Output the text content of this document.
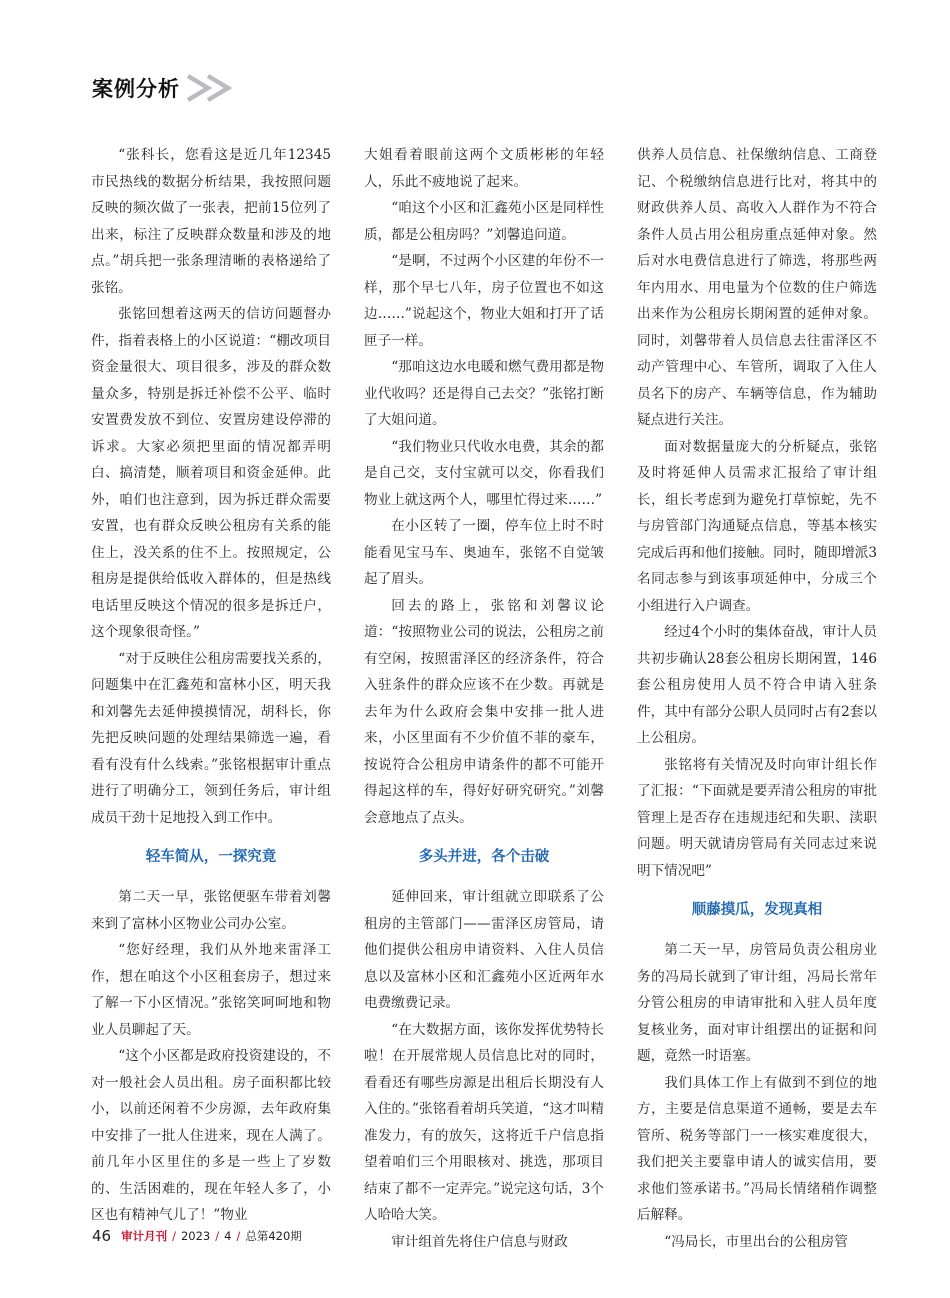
案例分析

“张科长，您看这是近几年12345市民热线的数据分析结果，我按照问题反映的频次做了一张表，把前15位列了出来，标注了反映群众数量和涉及的地点。”胡兵把一张条理清晰的表格递给了张铭。

张铭回想着这两天的信访问题督办件，指着表格上的小区说道：“棚改项目资金量很大、项目很多，涉及的群众数量众多，特别是拆迁补偿不公平、临时安置费发放不到位、安置房建设停滞的诉求。大家必须把里面的情况都弄明白、搞清楚，顺着项目和资金延伸。此外，咱们也注意到，因为拆迁群众需要安置，也有群众反映公租房有关系的能住上，没关系的住不上。按照规定，公租房是提供给低收入群体的，但是热线电话里反映这个情况的很多是拆迁户，这个现象很奇怪。”

“对于反映住公租房需要找关系的，问题集中在汇鑫苑和富林小区，明天我和刘馨先去延伸摸摸情况，胡科长，你先把反映问题的处理结果筛选一遍，看看有没有什么线索。”张铭根据审计重点进行了明确分工，领到任务后，审计组成员干劲十足地投入到工作中。

轻车简从，一探究竟

第二天一早，张铭便驱车带着刘馨来到了富林小区物业公司办公室。

“您好经理，我们从外地来雷泽工作，想在咱这个小区租套房子，想过来了解一下小区情况。”张铭笑呵呵地和物业人员聊起了天。

“这个小区都是政府投资建设的，不对一般社会人员出租。房子面积都比较小，以前还闲着不少房源，去年政府集中安排了一批人住进来，现在人满了。前几年小区里住的多是一些上了岁数的、生活困难的，现在年轻人多了，小区也有精神气儿了！”物业

大姐看着眼前这两个文质彬彬的年轻人，乐此不疲地说了起来。

“咱这个小区和汇鑫苑小区是同样性质，都是公租房吗？”刘馨追问道。

“是啊，不过两个小区建的年份不一样，那个早七八年，房子位置也不如这边……”说起这个，物业大姐和打开了话匣子一样。

“那咱这边水电暖和燃气费用都是物业代收吗？还是得自己去交？”张铭打断了大姐问道。

“我们物业只代收水电费，其余的都是自己交，支付宝就可以交，你看我们物业上就这两个人，哪里忙得过来……”

在小区转了一圈，停车位上时不时能看见宝马车、奥迪车，张铭不自觉皱起了眉头。

回去的路上，张铭和刘馨议论道：“按照物业公司的说法，公租房之前有空闲，按照雷泽区的经济条件，符合入驻条件的群众应该不在少数。再就是去年为什么政府会集中安排一批人进来，小区里面有不少价值不菲的豪车，按说符合公租房申请条件的都不可能开得起这样的车，得好好研究研究。”刘馨会意地点了点头。

多头并进，各个击破

延伸回来，审计组就立即联系了公租房的主管部门——雷泽区房管局，请他们提供公租房申请资料、入住人员信息以及富林小区和汇鑫苑小区近两年水电费缴费记录。

“在大数据方面，该你发挥优势特长啦！在开展常规人员信息比对的同时，看看还有哪些房源是出租后长期没有人入住的。”张铭看着胡兵笑道，“这才叫精准发力，有的放矢，这将近千户信息指望着咱们三个用眼核对、挑选，那项目结束了都不一定弄完。”说完这句话，3个人哈哈大笑。

审计组首先将住户信息与财政

供养人员信息、社保缴纳信息、工商登记、个税缴纳信息进行比对，将其中的财政供养人员、高收入人群作为不符合条件人员占用公租房重点延伸对象。然后对水电费信息进行了筛选，将那些两年内用水、用电量为个位数的住户筛选出来作为公租房长期闲置的延伸对象。同时，刘馨带着人员信息去往雷泽区不动产管理中心、车管所，调取了入住人员名下的房产、车辆等信息，作为辅助疑点进行关注。

面对数据量庞大的分析疑点，张铭及时将延伸人员需求汇报给了审计组长，组长考虑到为避免打草惊蛇，先不与房管部门沟通疑点信息，等基本核实完成后再和他们接触。同时，随即增派3名同志参与到该事项延伸中，分成三个小组进行入户调查。

经过4个小时的集体奋战，审计人员共初步确认28套公租房长期闲置，146套公租房使用人员不符合申请入驻条件，其中有部分公职人员同时占有2套以上公租房。

张铭将有关情况及时向审计组长作了汇报：“下面就是要弄清公租房的审批管理上是否存在违规违纪和失职、渎职问题。明天就请房管局有关同志过来说明下情况吧”

顺藤摸瓜，发现真相

第二天一早，房管局负责公租房业务的冯局长就到了审计组，冯局长常年分管公租房的申请审批和入驻人员年度复核业务，面对审计组摆出的证据和问题，竟然一时语塞。

我们具体工作上有做到不到位的地方，主要是信息渠道不通畅，要是去车管所、税务等部门一一核实难度很大，我们把关主要靠申请人的诚实信用，要求他们签承诺书。”冯局长情绪稍作调整后解释。

“冯局长，市里出台的公租房管

46 审计月刊 / 2023 / 4 / 总第420期
